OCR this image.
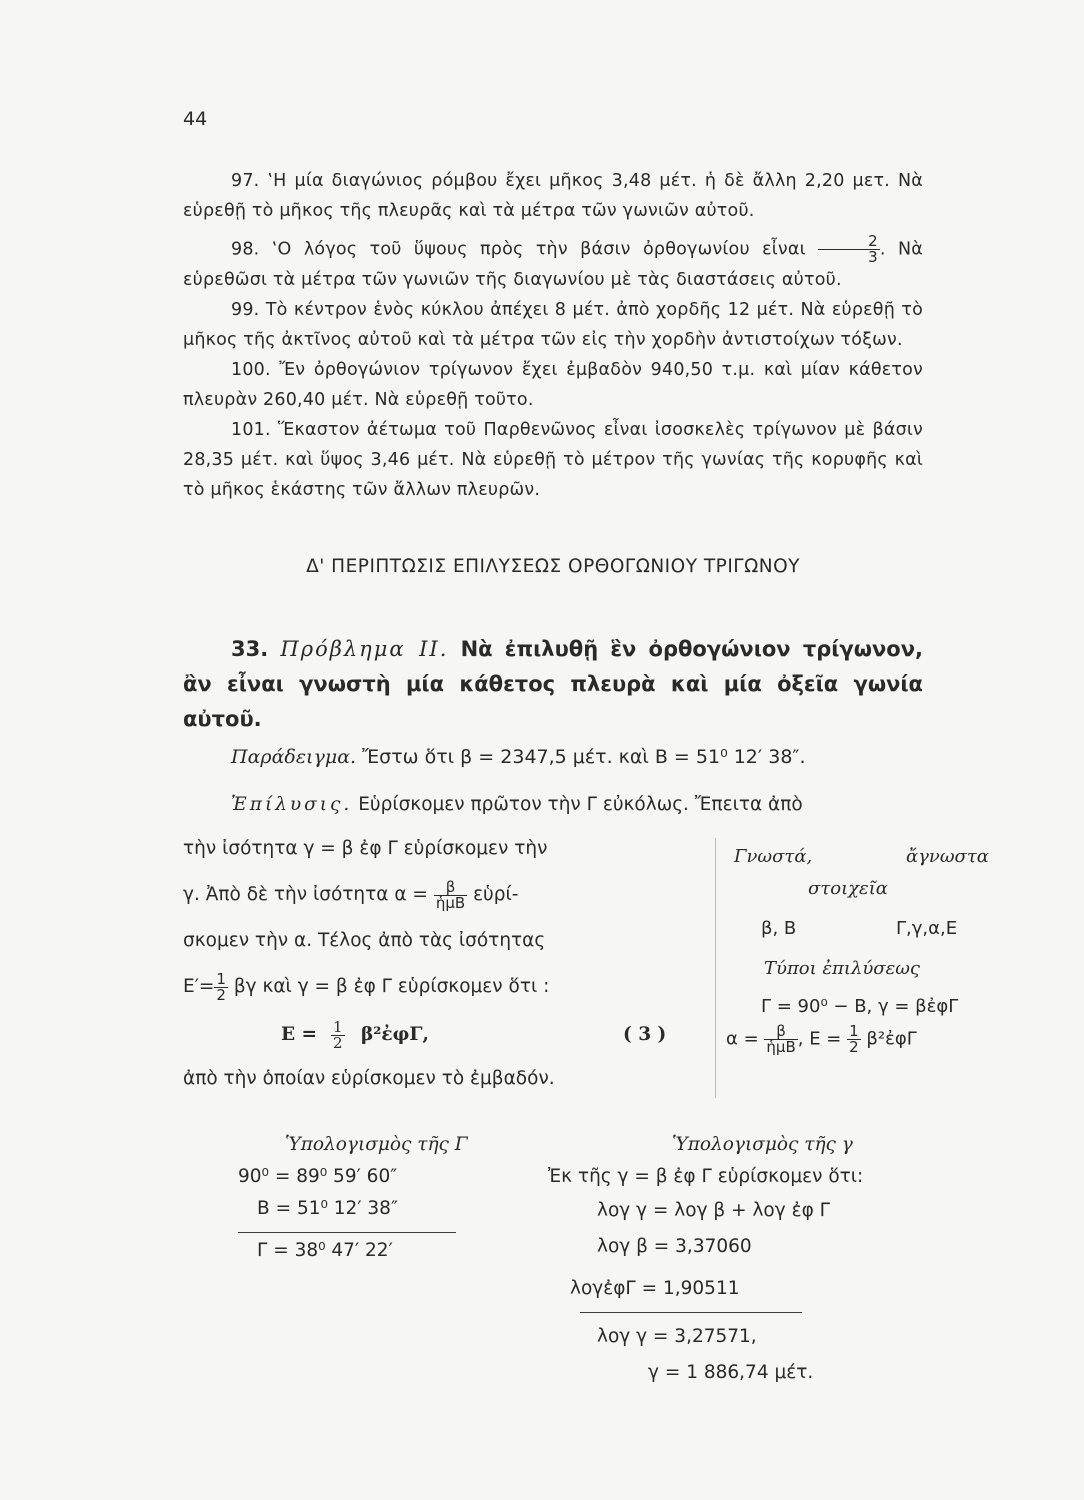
44

97. ‛Η μία διαγώνιος ρόμβου ἔχει μῆκος 3,48 μέτ. ἡ δὲ ἄλλη 2,20 μετ. Νὰ εὑρεθῇ τὸ μῆκος τῆς πλευρᾶς καὶ τὰ μέτρα τῶν γωνιῶν αὐτοῦ.

98. ‛Ο λόγος τοῦ ὕψους πρὸς τὴν βάσιν ὀρθογωνίου εἶναι $\frac{2}{3}$ . Νὰ εὑρεθῶσι τὰ μέτρα τῶν γωνιῶν τῆς διαγωνίου μὲ τὰς διαστάσεις αὐτοῦ.

99. Τὸ κέντρον ἑνὸς κύκλου ἀπέχει 8 μέτ. ἀπὸ χορδῆς 12 μέτ. Νὰ εὑρεθῇ τὸ μῆκος τῆς ἀκτῖνος αὐτοῦ καὶ τὰ μέτρα τῶν εἰς τὴν χορδὴν ἀντιστοίχων τόξων.

100. Ἔν ὀρθογώνιον τρίγωνον ἔχει ἐμβαδὸν 940,50 τ.μ. καὶ μίαν κάθετον πλευρὰν 260,40 μέτ. Νὰ εὑρεθῇ τοῦτο.

101. Ἕκαστον ἀέτωμα τοῦ Παρθενῶνος εἶναι ἰσοσκελὲς τρίγωνον μὲ βάσιν 28,35 μέτ. καὶ ὕψος 3,46 μέτ. Νὰ εὑρεθῇ τὸ μέτρον τῆς γωνίας τῆς κορυφῆς καὶ τὸ μῆκος ἑκάστης τῶν ἄλλων πλευρῶν.

Δ' ΠΕΡΙΠΤΩΣΙΣ ΕΠΙΛΥΣΕΩΣ ΟΡΘΟΓΩΝΙΟΥ ΤΡΙΓΩΝΟΥ
33. Πρόβλημα ΙΙ. Νὰ ἐπιλυθῇ ἓν ὀρθογώνιον τρίγωνον, ἂν εἶναι γνωστὴ μία κάθετος πλευρὰ καὶ μία ὀξεῖα γωνία αὐτοῦ.
Παράδειγμα. Ἔστω ὅτι β = 2347,5 μέτ. καὶ Β = 51⁰ 12′ 38″.
Ἐπίλυσις. Εὑρίσκομεν πρῶτον τὴν Γ εὐκόλως. Ἔπειτα ἀπὸ
τὴν ἰσότητα γ = β ἐφ Γ εὑρίσκομεν τὴν
γ. Ἀπὸ δὲ τὴν ἰσότητα $\alpha = \frac{\beta}{\text{ἡμΒ}}$ εὑρί-
σκομεν τὴν α. Τέλος ἀπὸ τὰς ἰσότητας
$E'= \frac{1}{2}$ βγ καὶ γ = β ἐφ Γ εὑρίσκομεν ὅτι :
$E = \frac{1}{2}$ β²ἐφΓ,	( 3 )
ἀπὸ τὴν ὁποίαν εὑρίσκομεν τὸ ἐμβαδόν.
Γνωστά,	ἄγνωστα
στοιχεῖα
β, Β	Γ,γ,α,Ε
Τύποι ἐπιλύσεως
Γ = 90⁰ − Β, γ = βἐφΓ
$\alpha = \frac{\beta}{\text{ἡμΒ}}$ , $E = \frac{1}{2}$ β²ἐφΓ
Ὑπολογισμὸς τῆς Γ
90⁰ = 89⁰ 59′ 60″
Β = 51⁰ 12′ 38″
Γ = 38⁰ 47′ 22′
Ὑπολογισμὸς τῆς γ
Ἐκ τῆς γ = β ἐφ Γ εὑρίσκομεν ὅτι:
λογ γ = λογ β + λογ ἐφ Γ
λογ β = 3,37060
λογἐφΓ = 1,90511
λογ γ = 3,27571,
γ = 1 886,74 μέτ.
